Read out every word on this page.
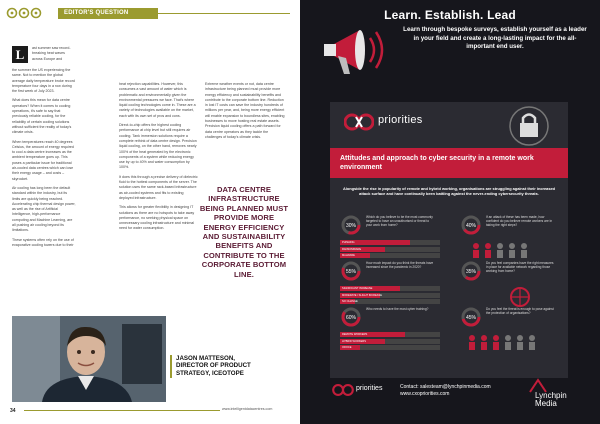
EDITOR'S QUESTION
L	ast summer saw record-breaking heat waves across Europe and

the summer the US experiencing the same. Not to mention the global average daily temperature broke record temperature four days in a row during the first week of July 2023.

What does this mean for data centre operators? When it comes to cooling operations, it's safe to say that previously reliable cooling, for the reliability of certain cooling solutions without sufficient the reality of today's climate crisis.

When temperatures reach 40 degrees Celsius, the amount of energy required to cool a data centre increases as the ambient temperature goes up. This poses a particular issue for traditional air-cooled data centres which can lose their energy usage – and costs – skyrocket.

Air cooling has long been the default standard within the industry, but its limits are quickly being reached. Accelerating chip thermal design power, as well as the rise of Artificial Intelligence, high-performance computing and Machine Learning, are all pushing air cooling beyond its limitations.

These systems often rely on the use of evaporative cooling towers due to their

heat rejection capabilities. However, this consumes a vast amount of water which is problematic and environmentally given the environmental pressures we face. That's where liquid cooling technologies come in. These are a variety of technologies available on the market, each with its own set of pros and cons.

Direct-to-chip offers the highest cooling performance at chip level but still requires air cooling. Tank immersion solutions require a complete rethink of data centre design. Precision liquid cooling, on the other hand, removes nearly 100% of the heat generated by the electronic components of a system while reducing energy use by up to 40% and water consumption by 100%.

It does this through a precise delivery of dielectric fluid to the hottest components of the server. The solution uses the same rack-based infrastructure as air-cooled systems and fits to existing deployed infrastructure.

This allows for greater flexibility in designing IT solutions as there are no hotspots to take away performance, no seeking physical space on unnecessary cooling infrastructure and minimal need for water consumption.

Extreme weather events or not, data centre infrastructure being planned must provide more energy efficiency and sustainability benefits and contribute to the corporate bottom line. Reduction in lost IT costs can save the industry hundreds of millions per year, and, being more energy efficient will enable expansion to boundless sites, enabling businesses to move hosting real estate assets. Precision liquid cooling offers a path forward for data centre operators as they tackle the challenges of today's climate crisis.

DATA CENTRE INFRASTRUCTURE BEING PLANNED MUST PROVIDE MORE ENERGY EFFICIENCY AND SUSTAINABILITY BENEFITS AND CONTRIBUTE TO THE CORPORATE BOTTOM LINE.
JASON MATTESON,
DIRECTOR OF PRODUCT STRATEGY, ICEOTOPE
34	www.intelligentdatacentres.com
Learn. Establish. Lead
Learn through bespoke surveys, establish yourself as a leader in your field and create a long-lasting impact for the all-important end user.
priorities
Attitudes and approach to cyber security in a remote work environment
Alongside the rise in popularity of remote and hybrid working, organisations are struggling against their increased attack surface and have continually been battling against the never-ending cybersecurity threats.
30%
Which do you believe to be the most commonly targeted to have an unauthorised or threat to your work from home?
PHISHING
RANSOMWARE
MALWARE
40%
If an attack of these has been made, how confident do you believe remote workers are in taking the right steps?
55%
How much impact do you think the threats have increased since the pandemic in 2020?
SIGNIFICANT INCREASE
MODERATE / SLIGHT INCREASE
NO CHANGE
35%
Do you feel companies have the right measures in place for available network regarding those working from home?
60%
Who needs to have the most cyber training?
REMOTE WORKERS
HYBRID WORKERS
OFFICE
45%
Do you feel the threat is enough to pose against the protection of organisations?
priorities	Contact: salesteam@lynchpinmedia.com
www.cxopriorities.com	Lynchpin
Media
